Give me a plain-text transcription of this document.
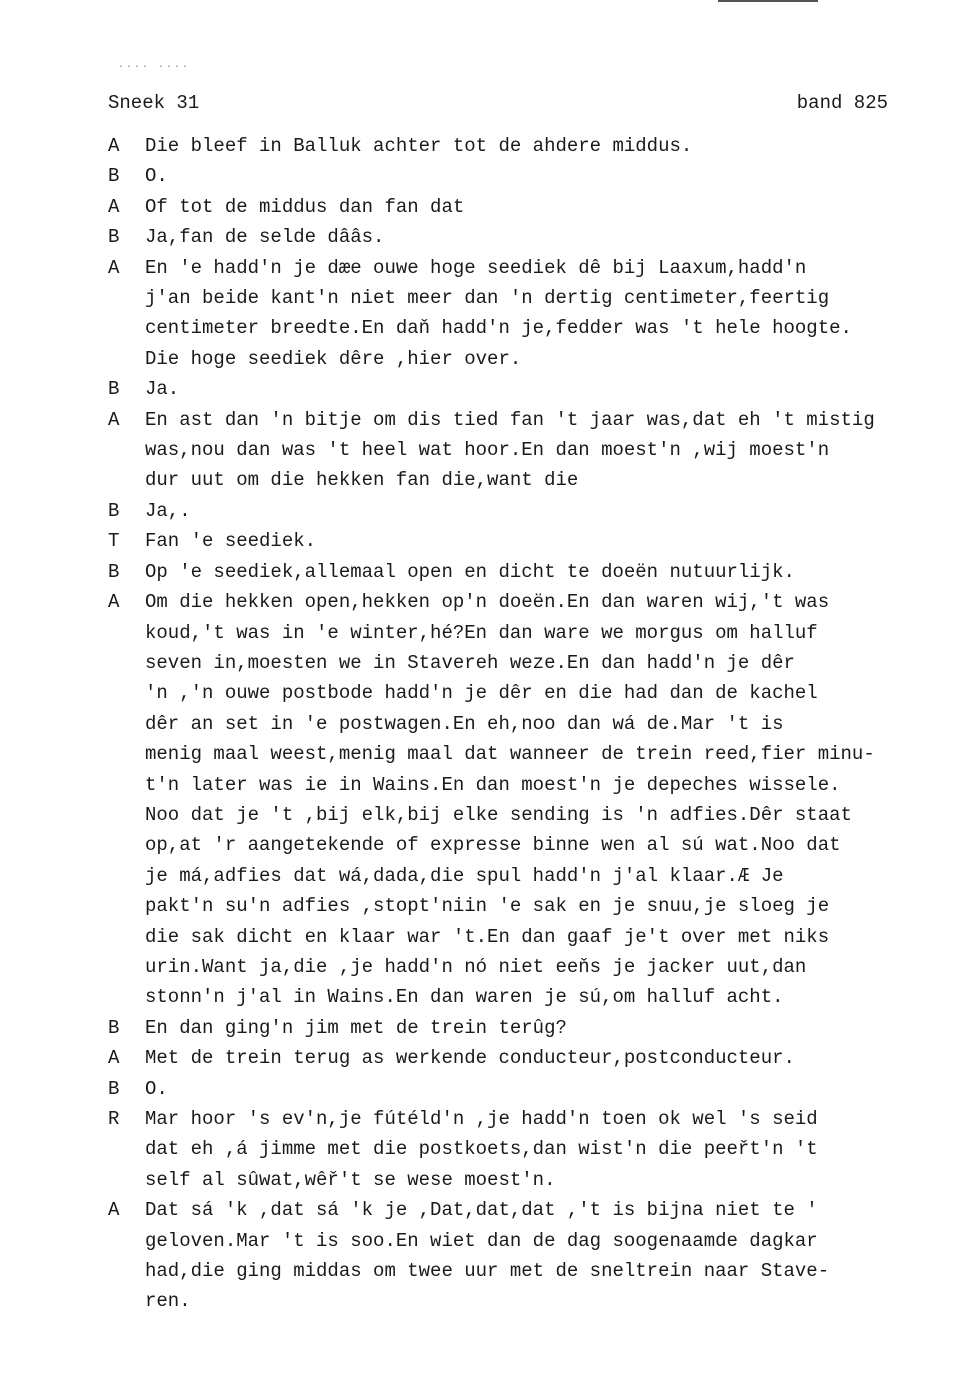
.... ....
Sneek 31	band 825
A Die bleef in Balluk achter tot de ahdere middus.
B O.
A Of tot de middus dan fan dat
B Ja,fan de selde dââs.
A En ′e hadd′n je dæe ouwe hoge seediek dê bij Laaxum,hadd′n
j′an beide kant′n niet meer dan ′n dertig centimeter,feertig
centimeter breedte.En daň hadd′n je,fedder was ′t hele hoogte.
Die hoge seediek dêre ,hier over.
B Ja.
A En ast dan ′n bitje om dis tied fan ′t jaar was,dat eh ′t mistig
was,nou dan was ′t heel wat hoor.En dan moest′n ,wij moest′n
dur uut om die hekken fan die,want die
B Ja,.
T Fan ′e seediek.
B Op ′e seediek,allemaal open en dicht te doeën nutuurlijk.
A Om die hekken open,hekken op′n doeën.En dan waren wij,′t was
koud,′t was in ′e winter,hé?En dan ware we morgus om halluf
seven in,moesten we in Stavereh weze.En dan hadd′n je dêr
′n ,′n ouwe postbode hadd′n je dêr en die had dan de kachel
dêr an set in ′e postwagen.En eh,noo dan wá de.Mar ′t is
menig maal weest,menig maal dat wanneer de trein reed,fier minu-
t′n later was ie in Wains.En dan moest′n je depeches wissele.
Noo dat je ′t ,bij elk,bij elke sending is ′n adfies.Dêr staat
op,at ′r aangetekende of expresse binne wen al sú wat.Noo dat
je má,adfies dat wá,dada,die spul hadd′n j′al klaar.Æ Je
pakt′n su′n adfies ,stopt′niin ′e sak en je snuu,je sloeg je
die sak dicht en klaar war ′t.En dan gaaf je′t over met niks
urin.Want ja,die ,je hadd′n nó niet eeňs je jacker uut,dan
stonn′n j′al in Wains.En dan waren je sú,om halluf acht.
B En dan ging′n jim met de trein terûg?
A Met de trein terug as werkende conducteur,postconducteur.
B O.
R Mar hoor ′s ev′n,je fútéld′n ,je hadd′n toen ok wel ′s seid
dat eh ,á jimme met die postkoets,dan wist′n die peeřt′n ′t
self al sûwat,wêř′t se wese moest′n.
A Dat sá ′k ,dat sá ′k je ,Dat,dat,dat ,′t is bijna niet te ′
geloven.Mar ′t is soo.En wiet dan de dag soogenaamde dagkar
had,die ging middas om twee uur met de sneltrein naar Stave-
ren.
